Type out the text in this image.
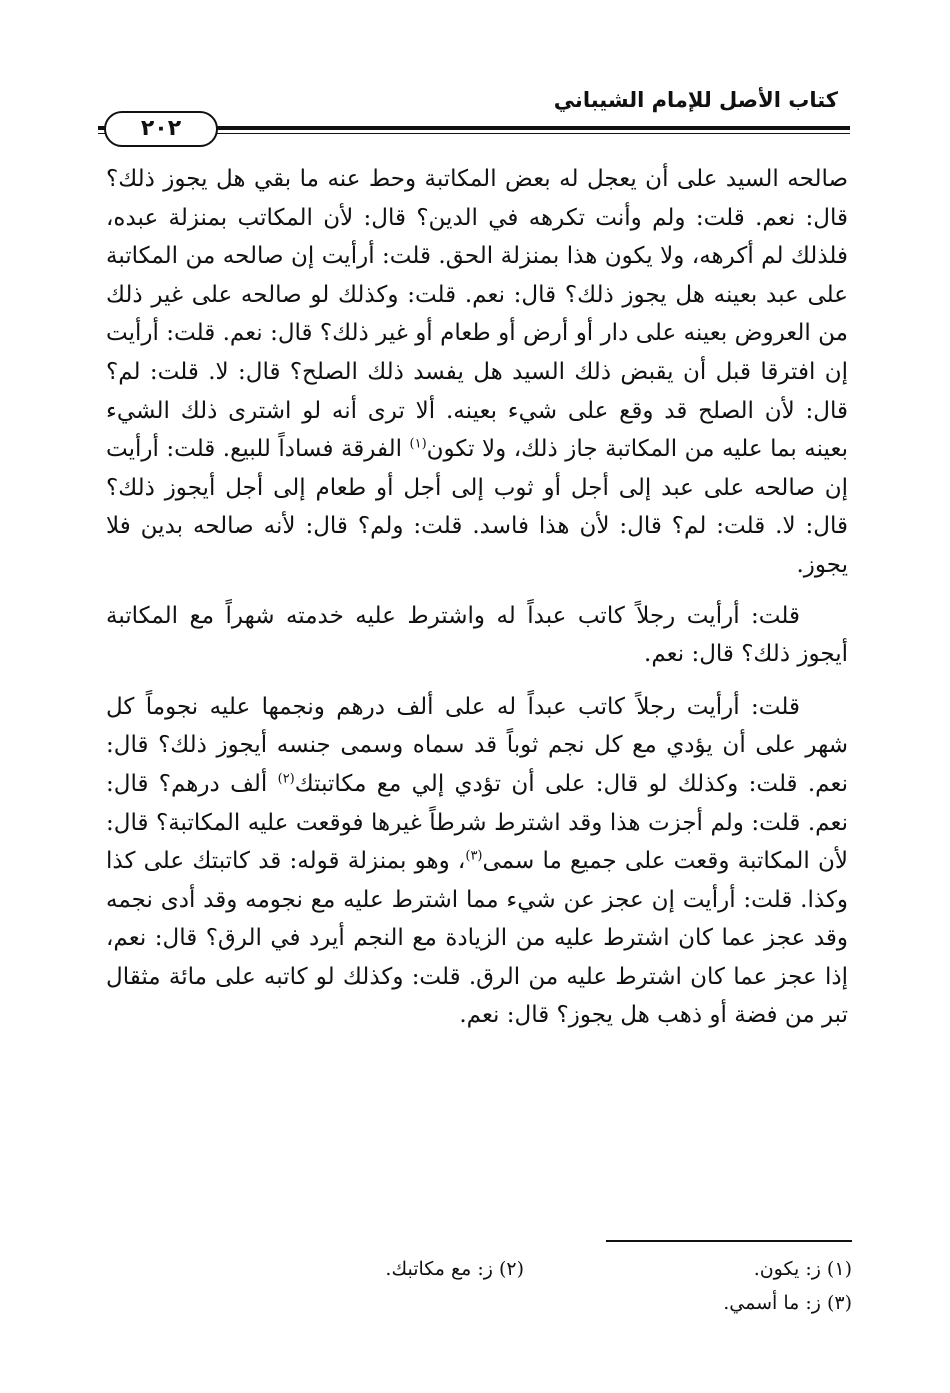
كتاب الأصل للإمام الشيباني
٢٠٢

صالحه السيد على أن يعجل له بعض المكاتبة وحط عنه ما بقي هل يجوز ذلك؟ قال: نعم. قلت: ولم وأنت تكرهه في الدين؟ قال: لأن المكاتب بمنزلة عبده، فلذلك لم أكرهه، ولا يكون هذا بمنزلة الحق. قلت: أرأيت إن صالحه من المكاتبة على عبد بعينه هل يجوز ذلك؟ قال: نعم. قلت: وكذلك لو صالحه على غير ذلك من العروض بعينه على دار أو أرض أو طعام أو غير ذلك؟ قال: نعم. قلت: أرأيت إن افترقا قبل أن يقبض ذلك السيد هل يفسد ذلك الصلح؟ قال: لا. قلت: لم؟ قال: لأن الصلح قد وقع على شيء بعينه. ألا ترى أنه لو اشترى ذلك الشيء بعينه بما عليه من المكاتبة جاز ذلك، ولا تكون$^{(١)}$ الفرقة فساداً للبيع. قلت: أرأيت إن صالحه على عبد إلى أجل أو ثوب إلى أجل أو طعام إلى أجل أيجوز ذلك؟ قال: لا. قلت: لم؟ قال: لأن هذا فاسد. قلت: ولم؟ قال: لأنه صالحه بدين فلا يجوز.

قلت: أرأيت رجلاً كاتب عبداً له واشترط عليه خدمته شهراً مع المكاتبة أيجوز ذلك؟ قال: نعم.

قلت: أرأيت رجلاً كاتب عبداً له على ألف درهم ونجمها عليه نجوماً كل شهر على أن يؤدي مع كل نجم ثوباً قد سماه وسمى جنسه أيجوز ذلك؟ قال: نعم. قلت: وكذلك لو قال: على أن تؤدي إلي مع مكاتبتك$^{(٢)}$ ألف درهم؟ قال: نعم. قلت: ولم أجزت هذا وقد اشترط شرطاً غيرها فوقعت عليه المكاتبة؟ قال: لأن المكاتبة وقعت على جميع ما سمى$^{(٣)}$، وهو بمنزلة قوله: قد كاتبتك على كذا وكذا. قلت: أرأيت إن عجز عن شيء مما اشترط عليه مع نجومه وقد أدى نجمه وقد عجز عما كان اشترط عليه من الزيادة مع النجم أيرد في الرق؟ قال: نعم، إذا عجز عما كان اشترط عليه من الرق. قلت: وكذلك لو كاتبه على مائة مثقال تبر من فضة أو ذهب هل يجوز؟ قال: نعم.

(١) ز: يكون.
(٢) ز: مع مكاتبك.
(٣) ز: ما أسمي.
